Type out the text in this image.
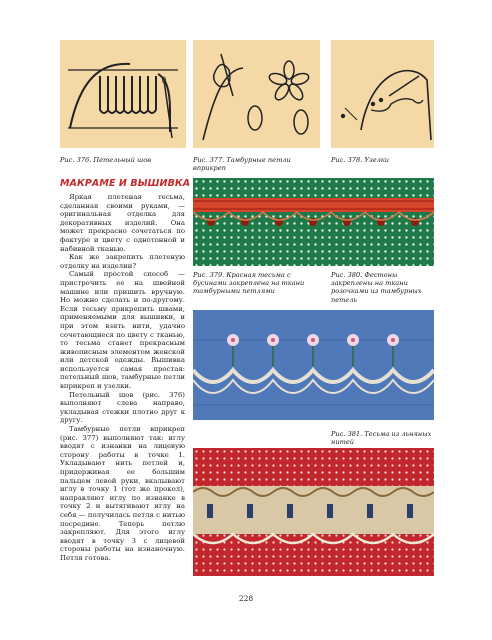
Рис. 376. Петельный шов	Рис. 377. Тамбурные петли вприкреп
Рис. 378. Узелки
МАКРАМЕ И ВЫШИВКА

Яркая плетеная тесьма, сделанная своими руками, — оригинальная отделка для декоративных изделий. Она может прекрасно сочетаться по фактуре и цвету с однотонной и набивной тканью.

Как же закрепить плетеную отделку на изделии?

Самый простой способ — пристрочить ее на швейной машине или пришить вручную. Но можно сделать и по-другому. Если тесьму прикрепить швами, применяемыми для вышивки, и при этом взять нити, удачно сочетающиеся по цвету с тканью, то тесьма станет прекрасным живописным элементом женской или детской одежды. Вышивка используется самая простая: петельный шов, тамбурные петли вприкреп и узелки.

Петельный шов (рис. 376) выполняют слева направо, укладывая стежки плотно друг к другу.

Тамбурные петли вприкреп (рис. 377) выполняют так: иглу вводят с изнанки на лицевую сторону работы в точке 1. Укладывают нить петлей и, придерживая ее большим пальцем левой руки, вкалывают иглу в точку 1 (тот же прокол), направляют иглу по изнанке в точку 2 и вытягивают иглу на себя — получилась петля с нитью посредине. Теперь петлю закрепляют. Для этого иглу вводят в точку 3 с лицевой стороны работы на изнаночную. Петля готова.

Рис. 379. Красная тесьма с бусинами закреплена на ткани тамбурными петлями
Рис. 380. Фестоны закреплены на ткани розочками из тамбурных петель
Рис. 381. Тесьма из льняных нитей
228
